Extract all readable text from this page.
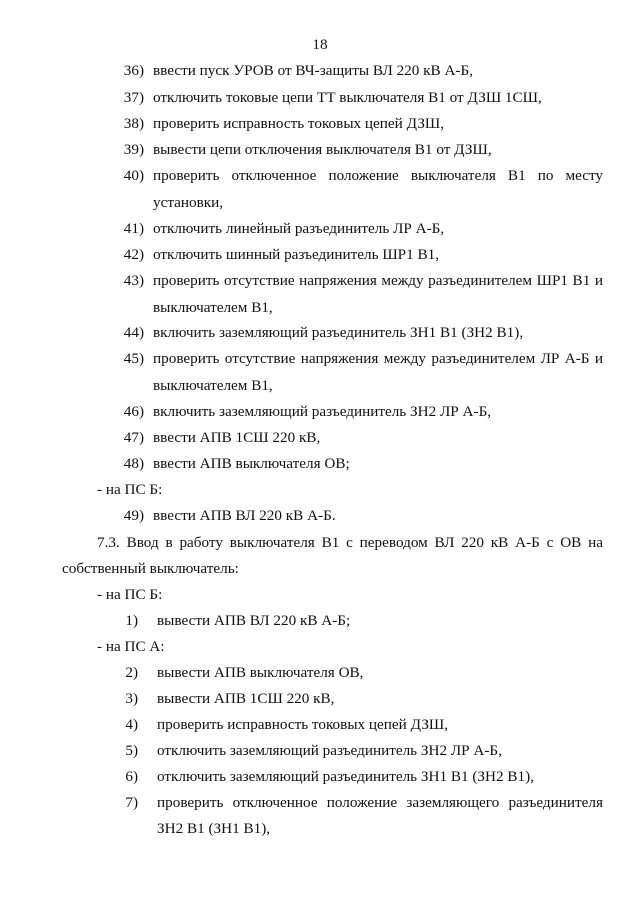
18
36) ввести пуск УРОВ от ВЧ-защиты ВЛ 220 кВ А-Б,
37) отключить токовые цепи ТТ выключателя В1 от ДЗШ 1СШ,
38) проверить исправность токовых цепей ДЗШ,
39) вывести цепи отключения выключателя В1 от ДЗШ,
40) проверить отключенное положение выключателя В1 по месту
установки,
41) отключить линейный разъединитель ЛР А-Б,
42) отключить шинный разъединитель ШР1 В1,
43) проверить отсутствие напряжения между разъединителем ШР1 В1 и
выключателем В1,
44) включить заземляющий разъединитель ЗН1 В1 (ЗН2 В1),
45) проверить отсутствие напряжения между разъединителем ЛР А-Б и
выключателем В1,
46) включить заземляющий разъединитель ЗН2 ЛР А-Б,
47) ввести АПВ 1СШ 220 кВ,
48) ввести АПВ выключателя ОВ;
- на ПС Б:
49) ввести АПВ ВЛ 220 кВ А-Б.
7.3. Ввод в работу выключателя В1 с переводом ВЛ 220 кВ А-Б с ОВ на
собственный выключатель:
- на ПС Б:
1) вывести АПВ ВЛ 220 кВ А-Б;
- на ПС А:
2) вывести АПВ выключателя ОВ,
3) вывести АПВ 1СШ 220 кВ,
4) проверить исправность токовых цепей ДЗШ,
5) отключить заземляющий разъединитель ЗН2 ЛР А-Б,
6) отключить заземляющий разъединитель ЗН1 В1 (ЗН2 В1),
7) проверить отключенное положение заземляющего разъединителя
ЗН2 В1 (ЗН1 В1),
